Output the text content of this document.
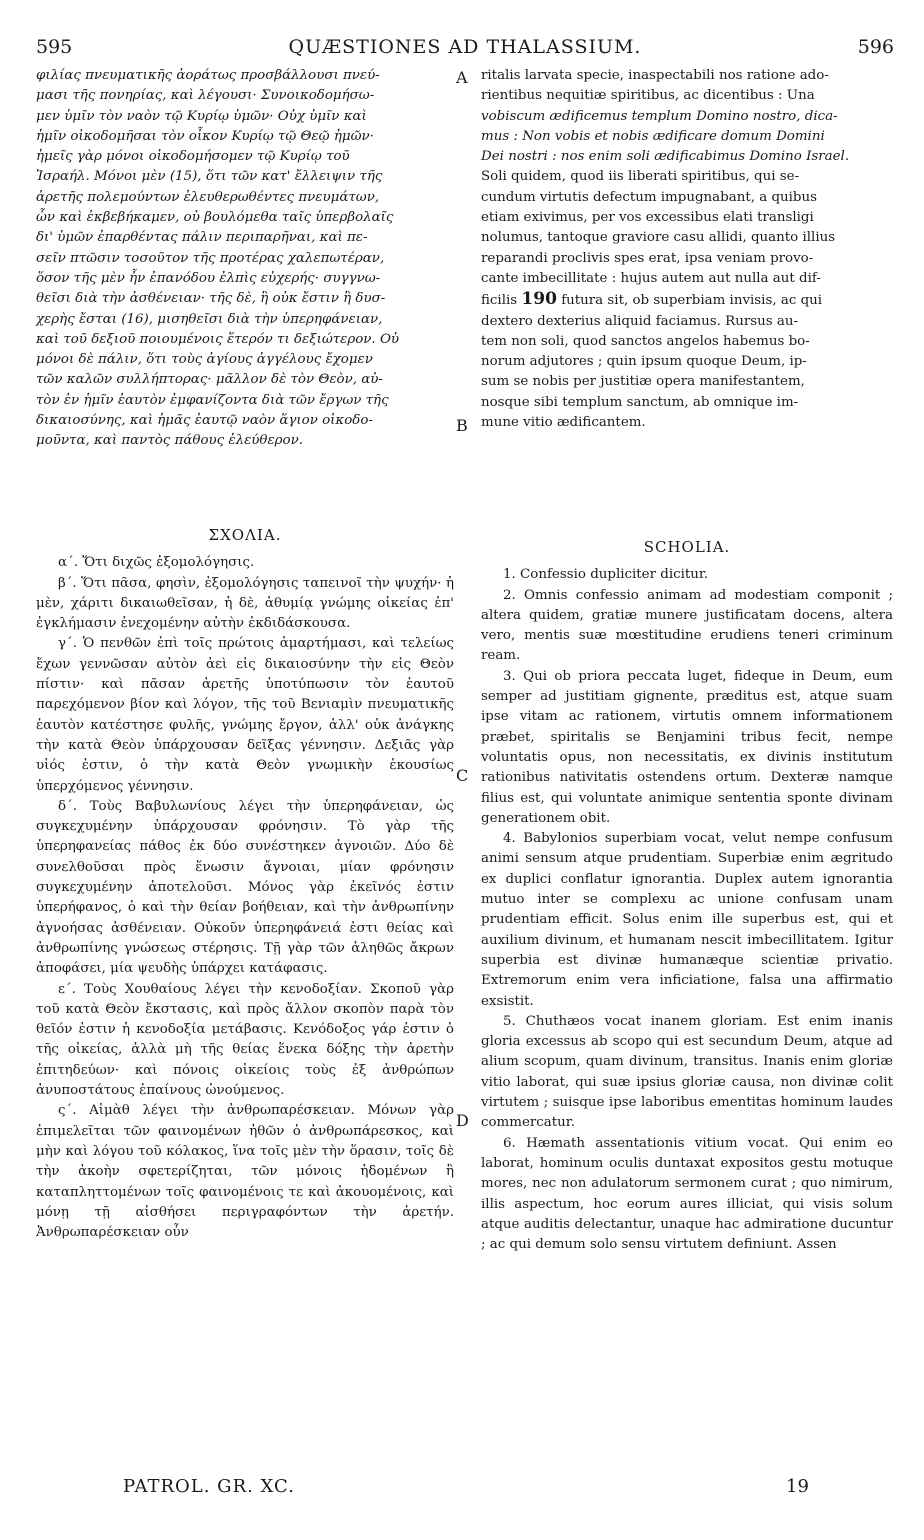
595	QUÆSTIONES AD THALASSIUM.	596
φιλίας πνευματικῆς ἀοράτως προσβάλλουσι πνεύ-
μασι τῆς πονηρίας, καὶ λέγουσι· Συνοικοδομήσω-
μεν ὑμῖν τὸν ναὸν τῷ Κυρίῳ ὑμῶν· Οὐχ ὑμῖν καὶ
ἡμῖν οἰκοδομῆσαι τὸν οἶκον Κυρίῳ τῷ Θεῷ ἡμῶν·
ἡμεῖς γὰρ μόνοι οἰκοδομήσομεν τῷ Κυρίῳ τοῦ
Ἰσραήλ. Μόνοι μὲν (15), ὅτι τῶν κατ' ἔλλειψιν τῆς
ἀρετῆς πολεμούντων ἐλευθερωθέντες πνευμάτων,
ὧν καὶ ἐκβεβήκαμεν, οὐ βουλόμεθα ταῖς ὑπερβολαῖς
δι' ὑμῶν ἐπαρθέντας πάλιν περιπαρῆναι, καὶ πε-
σεῖν πτῶσιν τοσοῦτον τῆς προτέρας χαλεπωτέραν,
ὅσον τῆς μὲν ἦν ἐπανόδου ἐλπὶς εὐχερής· συγγνω-
θεῖσι διὰ τὴν ἀσθένειαν· τῆς δὲ, ἢ οὐκ ἔστιν ἢ δυσ-
χερὴς ἔσται (16), μισηθεῖσι διὰ τὴν ὑπερηφάνειαν,
καὶ τοῦ δεξιοῦ ποιουμένοις ἕτερόν τι δεξιώτερον. Οὐ
μόνοι δὲ πάλιν, ὅτι τοὺς ἁγίους ἀγγέλους ἔχομεν
τῶν καλῶν συλλήπτορας· μᾶλλον δὲ τὸν Θεὸν, αὐ-
τὸν ἐν ἡμῖν ἑαυτὸν ἐμφανίζοντα διὰ τῶν ἔργων τῆς
δικαιοσύνης, καὶ ἡμᾶς ἑαυτῷ ναὸν ἅγιον οἰκοδο-
μοῦντα, καὶ παντὸς πάθους ἐλεύθερον.
ΣΧΟΛΙΑ.

α΄. Ὅτι διχῶς ἐξομολόγησις.

β΄. Ὅτι πᾶσα, φησὶν, ἐξομολόγησις ταπεινοῖ τὴν ψυχήν· ἡ μὲν, χάριτι δικαιωθεῖσαν, ἡ δὲ, ἀθυμίᾳ γνώμης οἰκείας ἐπ' ἐγκλήμασιν ἐνεχομένην αὐτὴν ἐκδιδάσκουσα.

γ΄. Ὁ πενθῶν ἐπὶ τοῖς πρώτοις ἁμαρτήμασι, καὶ τελείως ἔχων γεννῶσαν αὐτὸν ἀεὶ εἰς δικαιοσύνην τὴν εἰς Θεὸν πίστιν· καὶ πᾶσαν ἀρετῆς ὑποτύπωσιν τὸν ἑαυτοῦ παρεχόμενον βίον καὶ λόγον, τῆς τοῦ Βενιαμὶν πνευματικῆς ἑαυτὸν κατέστησε φυλῆς, γνώμης ἔργον, ἀλλ' οὐκ ἀνάγκης τὴν κατὰ Θεὸν ὑπάρχουσαν δεῖξας γέννησιν. Δεξιᾶς γὰρ υἱός ἐστιν, ὁ τὴν κατὰ Θεὸν γνωμικὴν ἑκουσίως ὑπερχόμενος γέννησιν.

δ΄. Τοὺς Βαβυλωνίους λέγει τὴν ὑπερηφάνειαν, ὡς συγκεχυμένην ὑπάρχουσαν φρόνησιν. Τὸ γὰρ τῆς ὑπερηφανείας πάθος ἐκ δύο συνέστηκεν ἀγνοιῶν. Δύο δὲ συνελθοῦσαι πρὸς ἕνωσιν ἄγνοιαι, μίαν φρόνησιν συγκεχυμένην ἀποτελοῦσι. Μόνος γὰρ ἐκεῖνός ἐστιν ὑπερήφανος, ὁ καὶ τὴν θείαν βοήθειαν, καὶ τὴν ἀνθρωπίνην ἀγνοήσας ἀσθένειαν. Οὐκοῦν ὑπερηφάνειά ἐστι θείας καὶ ἀνθρωπίνης γνώσεως στέρησις. Τῇ γὰρ τῶν ἀληθῶς ἄκρων ἀποφάσει, μία ψευδὴς ὑπάρχει κατάφασις.

ε΄. Τοὺς Χουθαίους λέγει τὴν κενοδοξίαν. Σκοποῦ γὰρ τοῦ κατὰ Θεὸν ἔκστασις, καὶ πρὸς ἄλλον σκοπὸν παρὰ τὸν θεῖόν ἐστιν ἡ κενοδοξία μετάβασις. Κενόδοξος γάρ ἐστιν ὁ τῆς οἰκείας, ἀλλὰ μὴ τῆς θείας ἕνεκα δόξης τὴν ἀρετὴν ἐπιτηδεύων· καὶ πόνοις οἰκείοις τοὺς ἐξ ἀνθρώπων ἀνυποστάτους ἐπαίνους ὠνούμενος.

ς΄. Αἱμὰθ λέγει τὴν ἀνθρωπαρέσκειαν. Μόνων γὰρ ἐπιμελεῖται τῶν φαινομένων ἠθῶν ὁ ἀνθρωπάρεσκος, καὶ μὴν καὶ λόγου τοῦ κόλακος, ἵνα τοῖς μὲν τὴν ὅρασιν, τοῖς δὲ τὴν ἀκοὴν σφετερίζηται, τῶν μόνοις ἡδομένων ἢ καταπληττομένων τοῖς φαινομένοις τε καὶ ἀκουομένοις, καὶ μόνῃ τῇ αἰσθήσει περιγραφόντων τὴν ἀρετήν. Ἀνθρωπαρέσκειαν οὖν

A
B
C
D
ritalis larvata specie, inaspectabili nos ratione ado-
rientibus nequitiæ spiritibus, ac dicentibus : Una
vobiscum ædificemus templum Domino nostro, dica-
mus : Non vobis et nobis ædificare domum Domini
Dei nostri : nos enim soli ædificabimus Domino Israel.
Soli quidem, quod iis liberati spiritibus, qui se-
cundum virtutis defectum impugnabant, a quibus
etiam exivimus, per vos excessibus elati transligi
nolumus, tantoque graviore casu allidi, quanto illius
reparandi proclivis spes erat, ipsa veniam provo-
cante imbecillitate : hujus autem aut nulla aut dif-
ficilis 190 futura sit, ob superbiam invisis, ac qui
dextero dexterius aliquid faciamus. Rursus au-
tem non soli, quod sanctos angelos habemus bo-
norum adjutores ; quin ipsum quoque Deum, ip-
sum se nobis per justitiæ opera manifestantem,
nosque sibi templum sanctum, ab omnique im-
mune vitio ædificantem.
SCHOLIA.

1. Confessio dupliciter dicitur.

2. Omnis confessio animam ad modestiam componit ; altera quidem, gratiæ munere justificatam docens, altera vero, mentis suæ mœstitudine erudiens teneri criminum ream.

3. Qui ob priora peccata luget, fideque in Deum, eum semper ad justitiam gignente, præditus est, atque suam ipse vitam ac rationem, virtutis omnem informationem præbet, spiritalis se Benjamini tribus fecit, nempe voluntatis opus, non necessitatis, ex divinis institutum rationibus nativitatis ostendens ortum. Dexteræ namque filius est, qui voluntate animique sententia sponte divinam generationem obit.

4. Babylonios superbiam vocat, velut nempe confusum animi sensum atque prudentiam. Superbiæ enim ægritudo ex duplici conflatur ignorantia. Duplex autem ignorantia mutuo inter se complexu ac unione confusam unam prudentiam efficit. Solus enim ille superbus est, qui et auxilium divinum, et humanam nescit imbecillitatem. Igitur superbia est divinæ humanæque scientiæ privatio. Extremorum enim vera inficiatione, falsa una affirmatio exsistit.

5. Chuthæos vocat inanem gloriam. Est enim inanis gloria excessus ab scopo qui est secundum Deum, atque ad alium scopum, quam divinum, transitus. Inanis enim gloriæ vitio laborat, qui suæ ipsius gloriæ causa, non divinæ colit virtutem ; suisque ipse laboribus ementitas hominum laudes commercatur.

6. Hæmath assentationis vitium vocat. Qui enim eo laborat, hominum oculis duntaxat expositos gestu motuque mores, nec non adulatorum sermonem curat ; quo nimirum, illis aspectum, hoc eorum aures illiciat, qui visis solum atque auditis delectantur, unaque hac admiratione ducuntur ; ac qui demum solo sensu virtutem definiunt. Assen

PATROL. GR. XC.	19
